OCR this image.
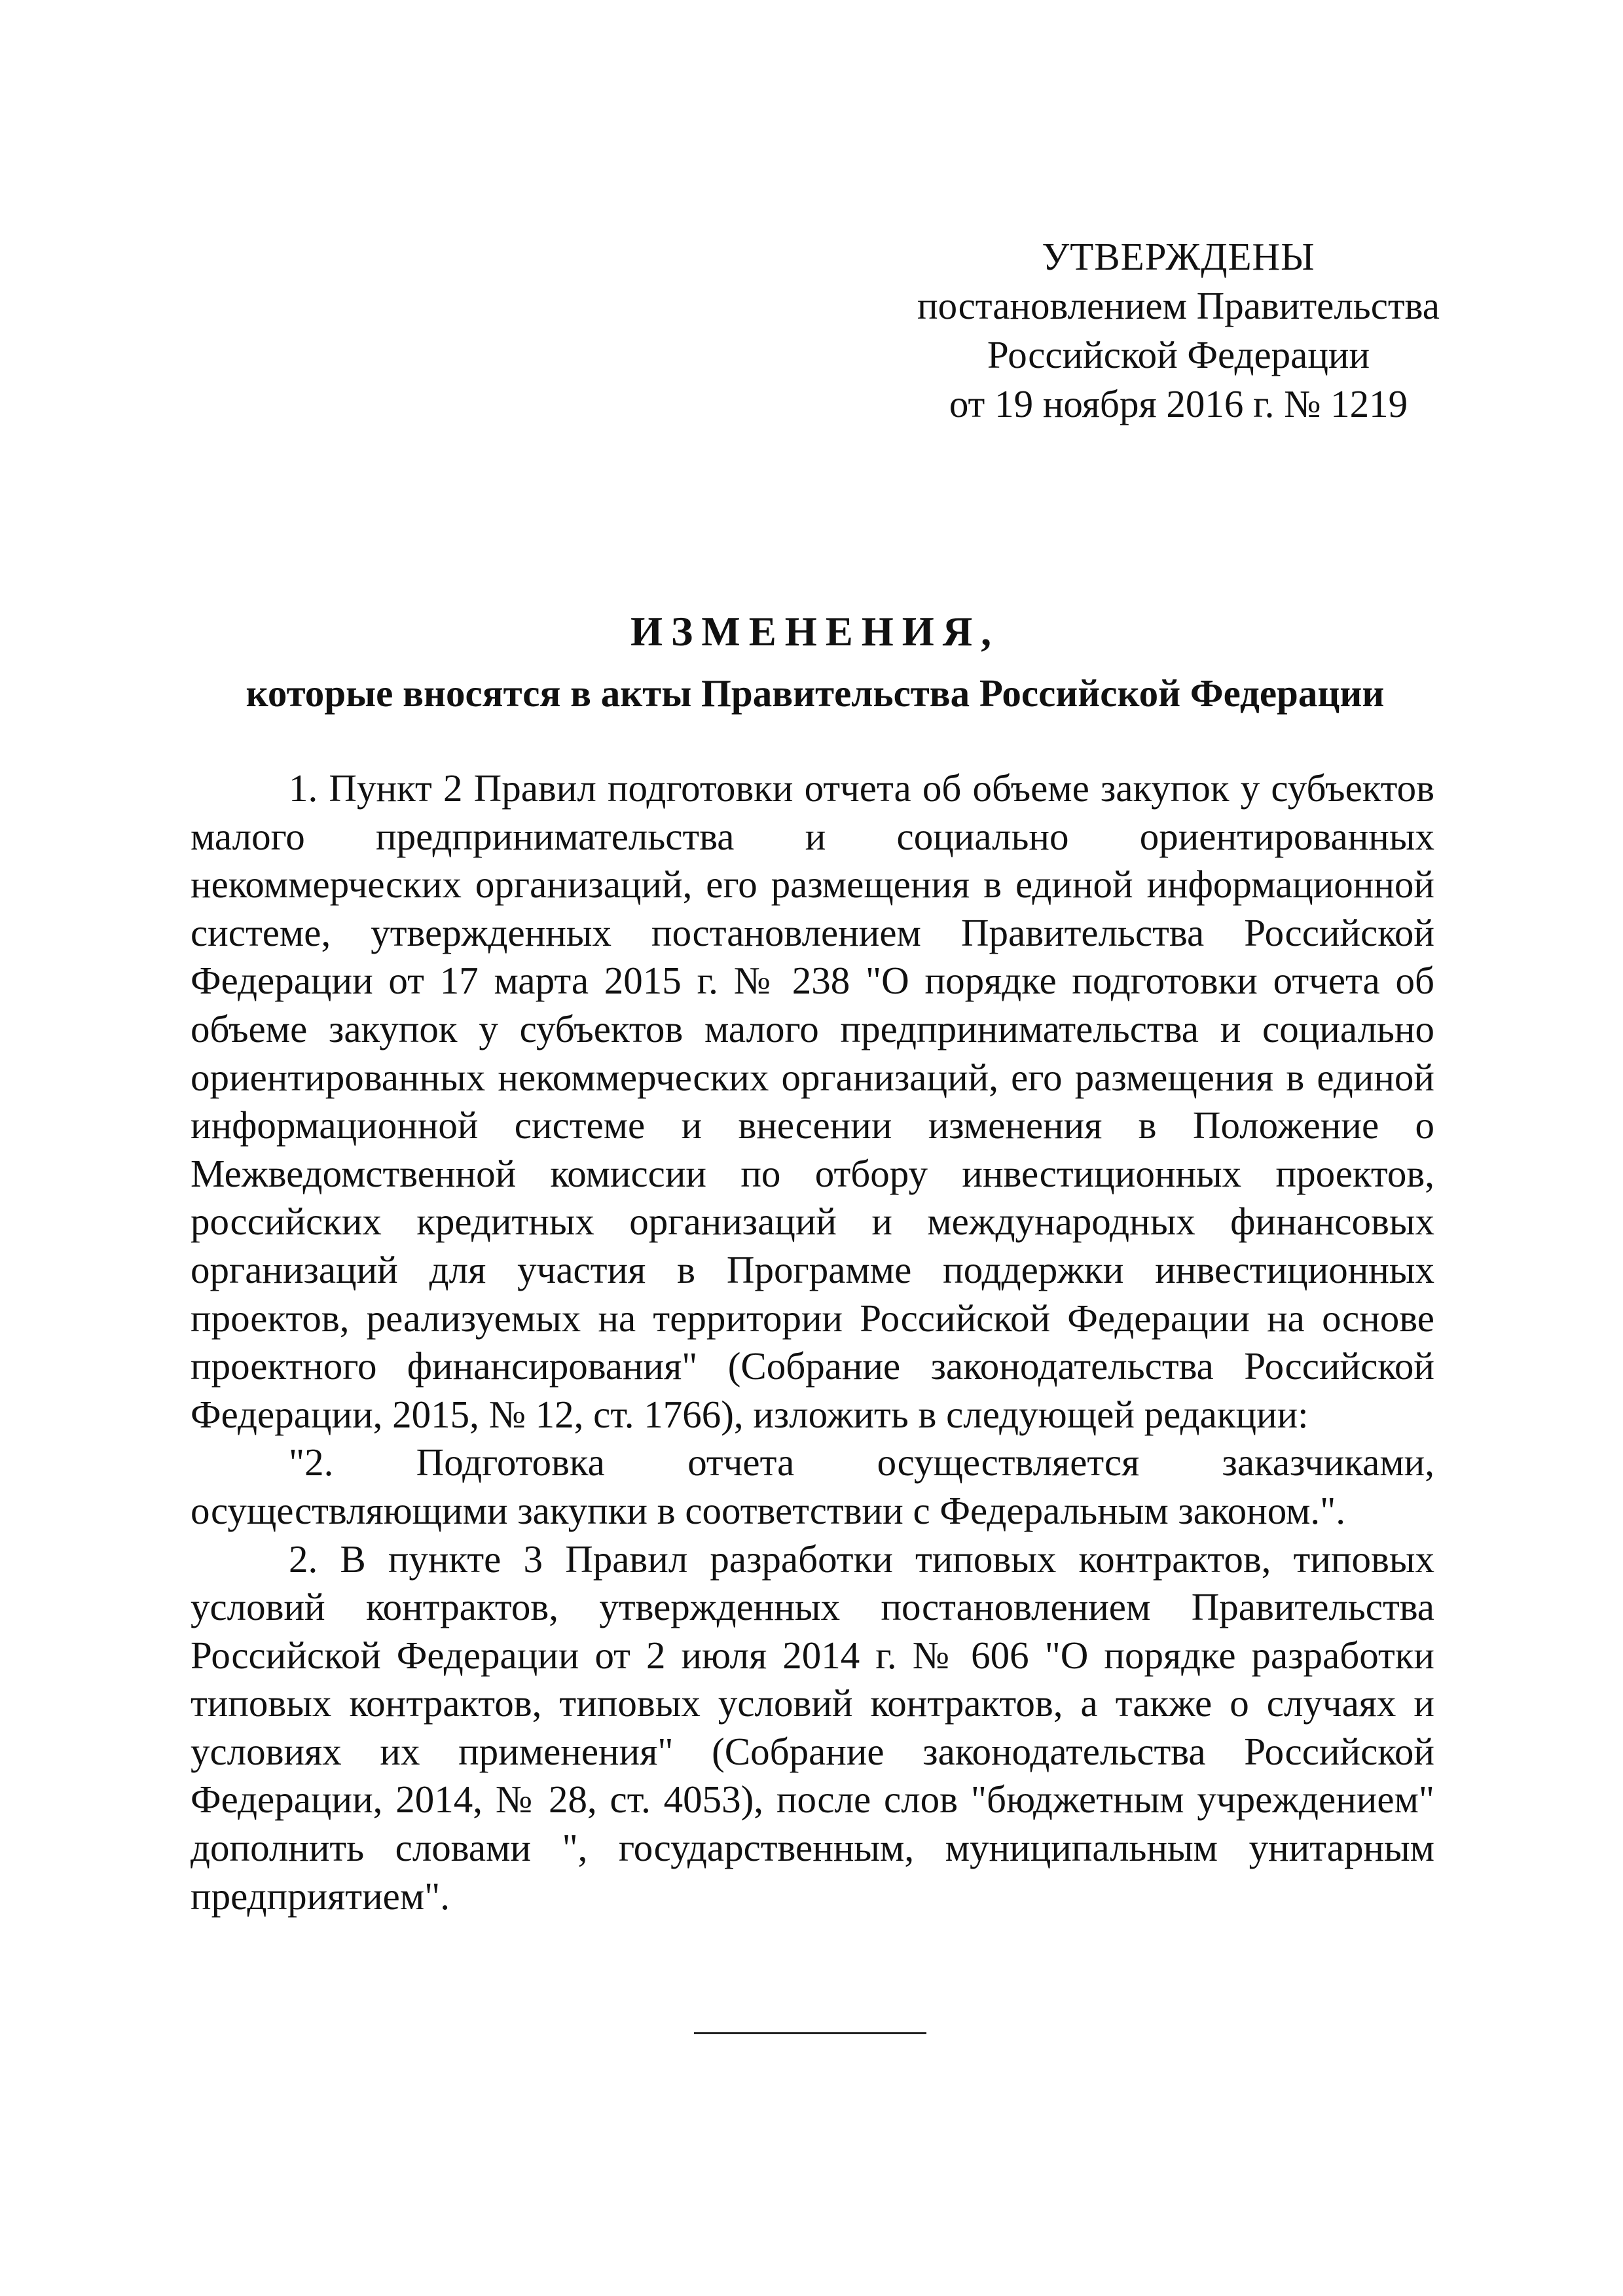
УТВЕРЖДЕНЫ
постановлением Правительства
Российской Федерации
от 19 ноября 2016 г. № 1219
ИЗМЕНЕНИЯ,
которые вносятся в акты Правительства Российской Федерации

1. Пункт 2 Правил подготовки отчета об объеме закупок у субъектов малого предпринимательства и социально ориентированных некоммерческих организаций, его размещения в единой информационной системе, утвержденных постановлением Правительства Российской Федерации от 17 марта 2015 г. № 238 "О порядке подготовки отчета об объеме закупок у субъектов малого предпринимательства и социально ориентированных некоммерческих организаций, его размещения в единой информационной системе и внесении изменения в Положение о Межведомственной комиссии по отбору инвестиционных проектов, российских кредитных организаций и международных финансовых организаций для участия в Программе поддержки инвестиционных проектов, реализуемых на территории Российской Федерации на основе проектного финансирования" (Собрание законодательства Российской Федерации, 2015, № 12, ст. 1766), изложить в следующей редакции:

"2. Подготовка отчета осуществляется заказчиками, осуществляющими закупки в соответствии с Федеральным законом.".

2. В пункте 3 Правил разработки типовых контрактов, типовых условий контрактов, утвержденных постановлением Правительства Российской Федерации от 2 июля 2014 г. № 606 "О порядке разработки типовых контрактов, типовых условий контрактов, а также о случаях и условиях их применения" (Собрание законодательства Российской Федерации, 2014, № 28, ст. 4053), после слов "бюджетным учреждением" дополнить словами ", государственным, муниципальным унитарным предприятием".
